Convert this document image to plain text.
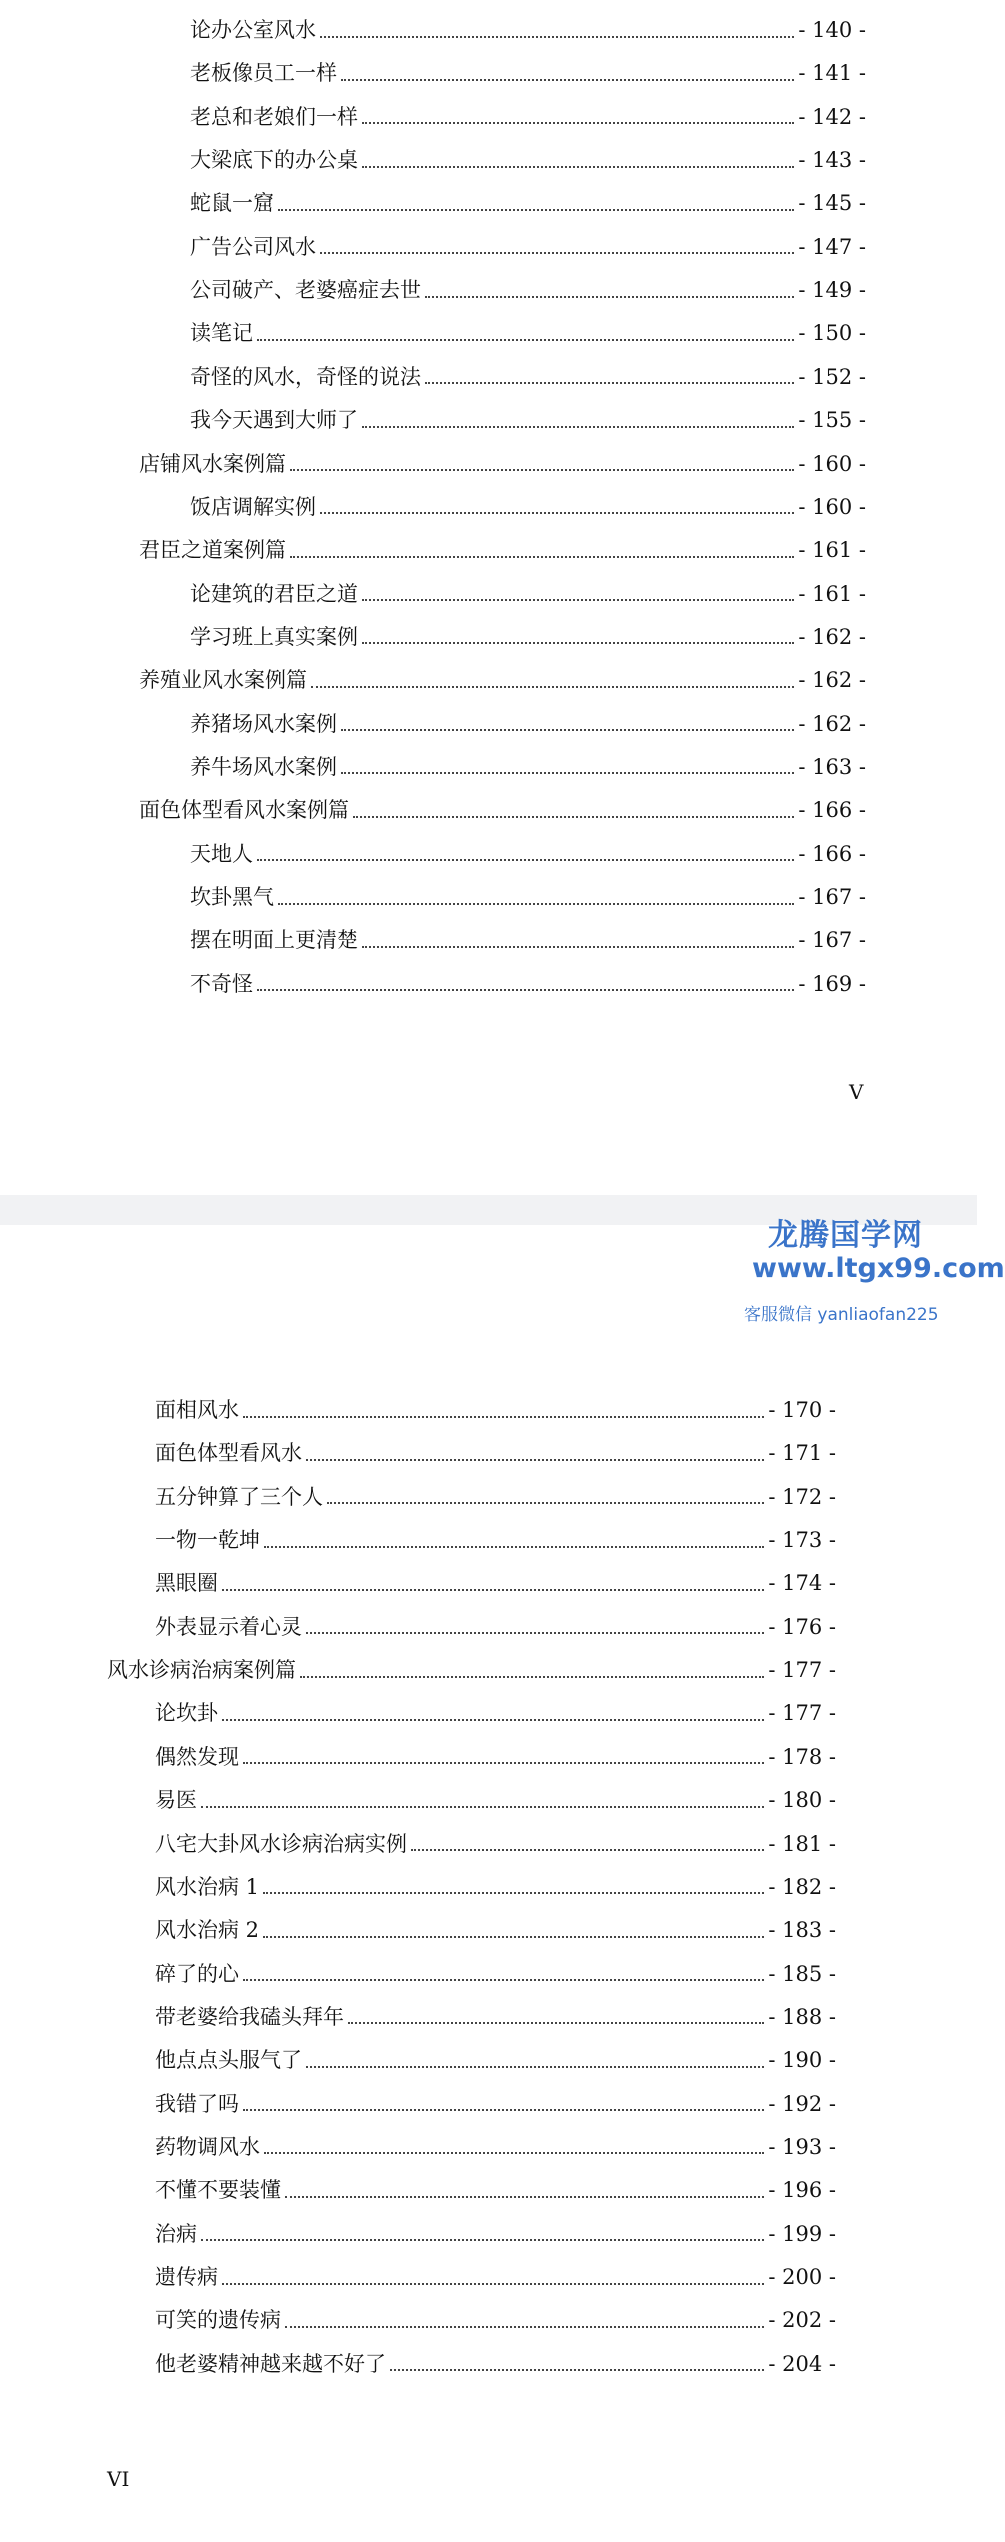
V
VI
龙腾国学网
www.ltgx99.com
客服微信 yanliaofan225
论办公室风水	- 140 -
老板像员工一样	- 141 -
老总和老娘们一样	- 142 -
大梁底下的办公桌	- 143 -
蛇鼠一窟	- 145 -
广告公司风水	- 147 -
公司破产、老婆癌症去世	- 149 -
读笔记	- 150 -
奇怪的风水，奇怪的说法	- 152 -
我今天遇到大师了	- 155 -
店铺风水案例篇	- 160 -
饭店调解实例	- 160 -
君臣之道案例篇	- 161 -
论建筑的君臣之道	- 161 -
学习班上真实案例	- 162 -
养殖业风水案例篇	- 162 -
养猪场风水案例	- 162 -
养牛场风水案例	- 163 -
面色体型看风水案例篇	- 166 -
天地人	- 166 -
坎卦黑气	- 167 -
摆在明面上更清楚	- 167 -
不奇怪	- 169 -
面相风水	- 170 -
面色体型看风水	- 171 -
五分钟算了三个人	- 172 -
一物一乾坤	- 173 -
黑眼圈	- 174 -
外表显示着心灵	- 176 -
风水诊病治病案例篇	- 177 -
论坎卦	- 177 -
偶然发现	- 178 -
易医	- 180 -
八宅大卦风水诊病治病实例	- 181 -
风水治病 1	- 182 -
风水治病 2	- 183 -
碎了的心	- 185 -
带老婆给我磕头拜年	- 188 -
他点点头服气了	- 190 -
我错了吗	- 192 -
药物调风水	- 193 -
不懂不要装懂	- 196 -
治病	- 199 -
遗传病	- 200 -
可笑的遗传病	- 202 -
他老婆精神越来越不好了	- 204 -
